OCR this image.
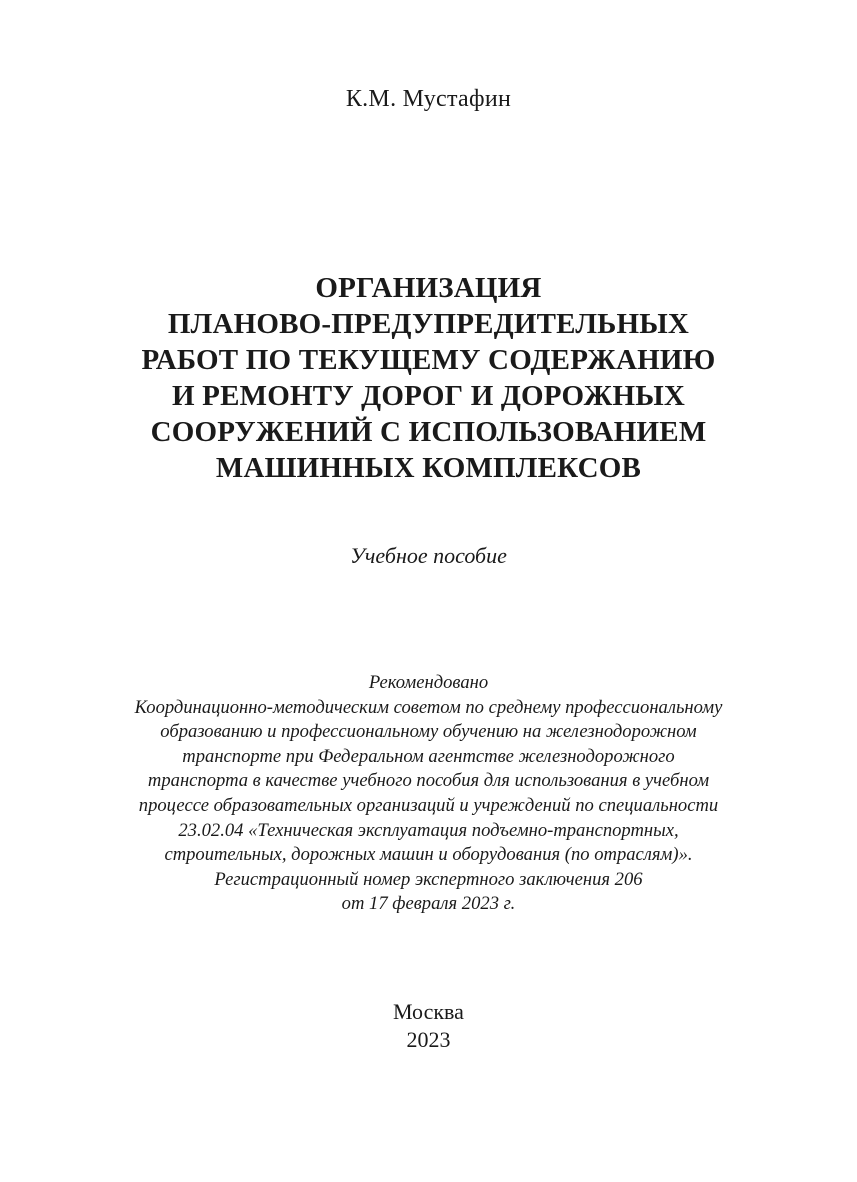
К.М. Мустафин
ОРГАНИЗАЦИЯ
ПЛАНОВО-ПРЕДУПРЕДИТЕЛЬНЫХ
РАБОТ ПО ТЕКУЩЕМУ СОДЕРЖАНИЮ
И РЕМОНТУ ДОРОГ И ДОРОЖНЫХ
СООРУЖЕНИЙ С ИСПОЛЬЗОВАНИЕМ
МАШИННЫХ КОМПЛЕКСОВ
Учебное пособие
Рекомендовано
Координационно-методическим советом по среднему профессиональному
образованию и профессиональному обучению на железнодорожном
транспорте при Федеральном агентстве железнодорожного
транспорта в качестве учебного пособия для использования в учебном
процессе образовательных организаций и учреждений по специальности
23.02.04 «Техническая эксплуатация подъемно-транспортных,
строительных, дорожных машин и оборудования (по отраслям)».
Регистрационный номер экспертного заключения 206
от 17 февраля 2023 г.
Москва
2023
